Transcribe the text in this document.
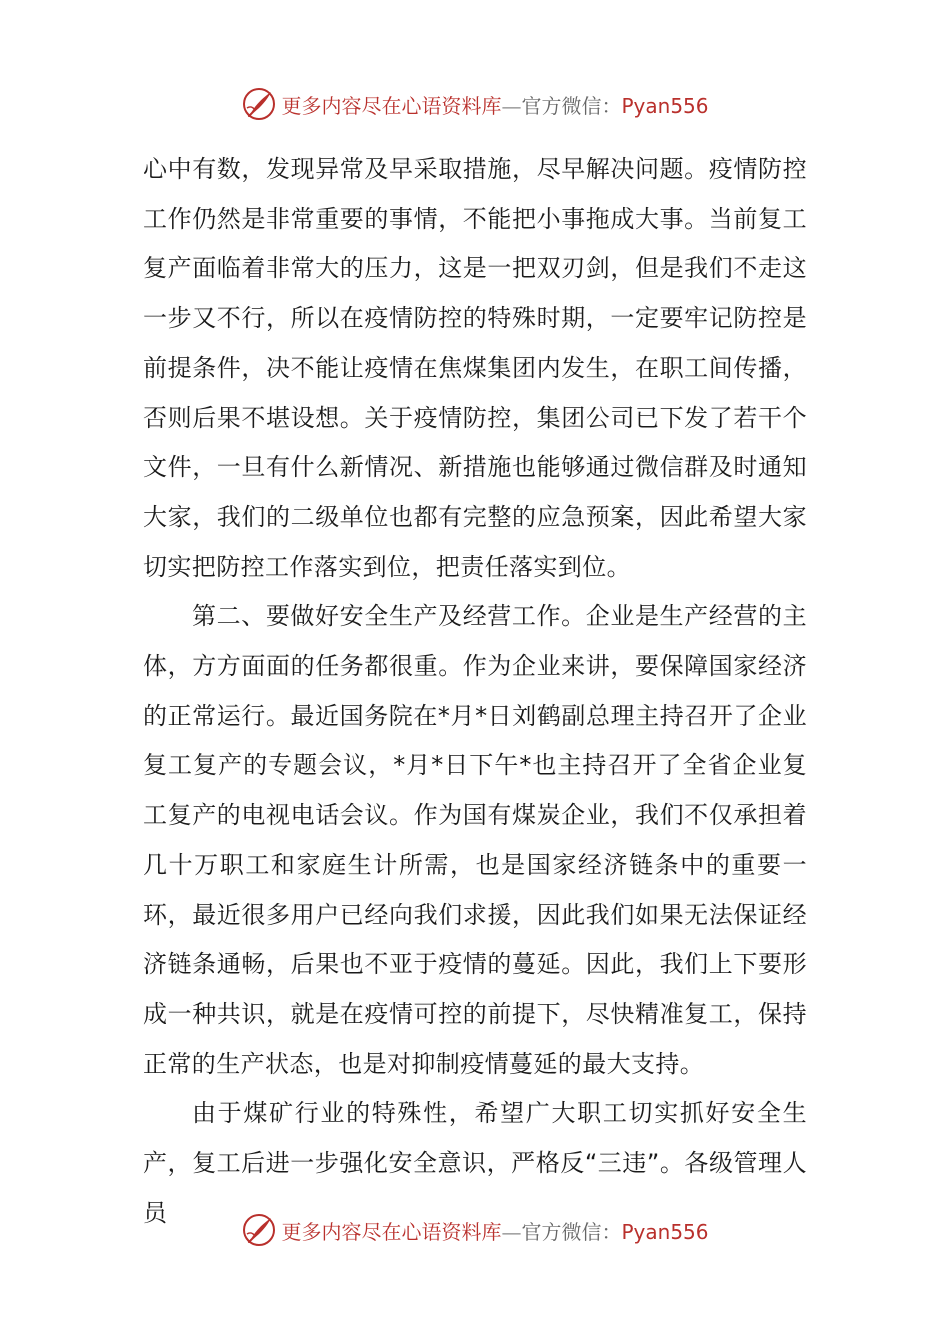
更多内容尽在心语资料库—官方微信：Pyan556

心中有数，发现异常及早采取措施，尽早解决问题。疫情防控工作仍然是非常重要的事情，不能把小事拖成大事。当前复工复产面临着非常大的压力，这是一把双刃剑，但是我们不走这一步又不行，所以在疫情防控的特殊时期，一定要牢记防控是前提条件，决不能让疫情在焦煤集团内发生，在职工间传播，否则后果不堪设想。关于疫情防控，集团公司已下发了若干个文件，一旦有什么新情况、新措施也能够通过微信群及时通知大家，我们的二级单位也都有完整的应急预案，因此希望大家切实把防控工作落实到位，把责任落实到位。

第二、要做好安全生产及经营工作。企业是生产经营的主体，方方面面的任务都很重。作为企业来讲，要保障国家经济的正常运行。最近国务院在*月*日刘鹤副总理主持召开了企业复工复产的专题会议，*月*日下午*也主持召开了全省企业复工复产的电视电话会议。作为国有煤炭企业，我们不仅承担着几十万职工和家庭生计所需，也是国家经济链条中的重要一环，最近很多用户已经向我们求援，因此我们如果无法保证经济链条通畅，后果也不亚于疫情的蔓延。因此，我们上下要形成一种共识，就是在疫情可控的前提下，尽快精准复工，保持正常的生产状态，也是对抑制疫情蔓延的最大支持。

由于煤矿行业的特殊性，希望广大职工切实抓好安全生产，复工后进一步强化安全意识，严格反“三违”。各级管理人员

更多内容尽在心语资料库—官方微信：Pyan556
